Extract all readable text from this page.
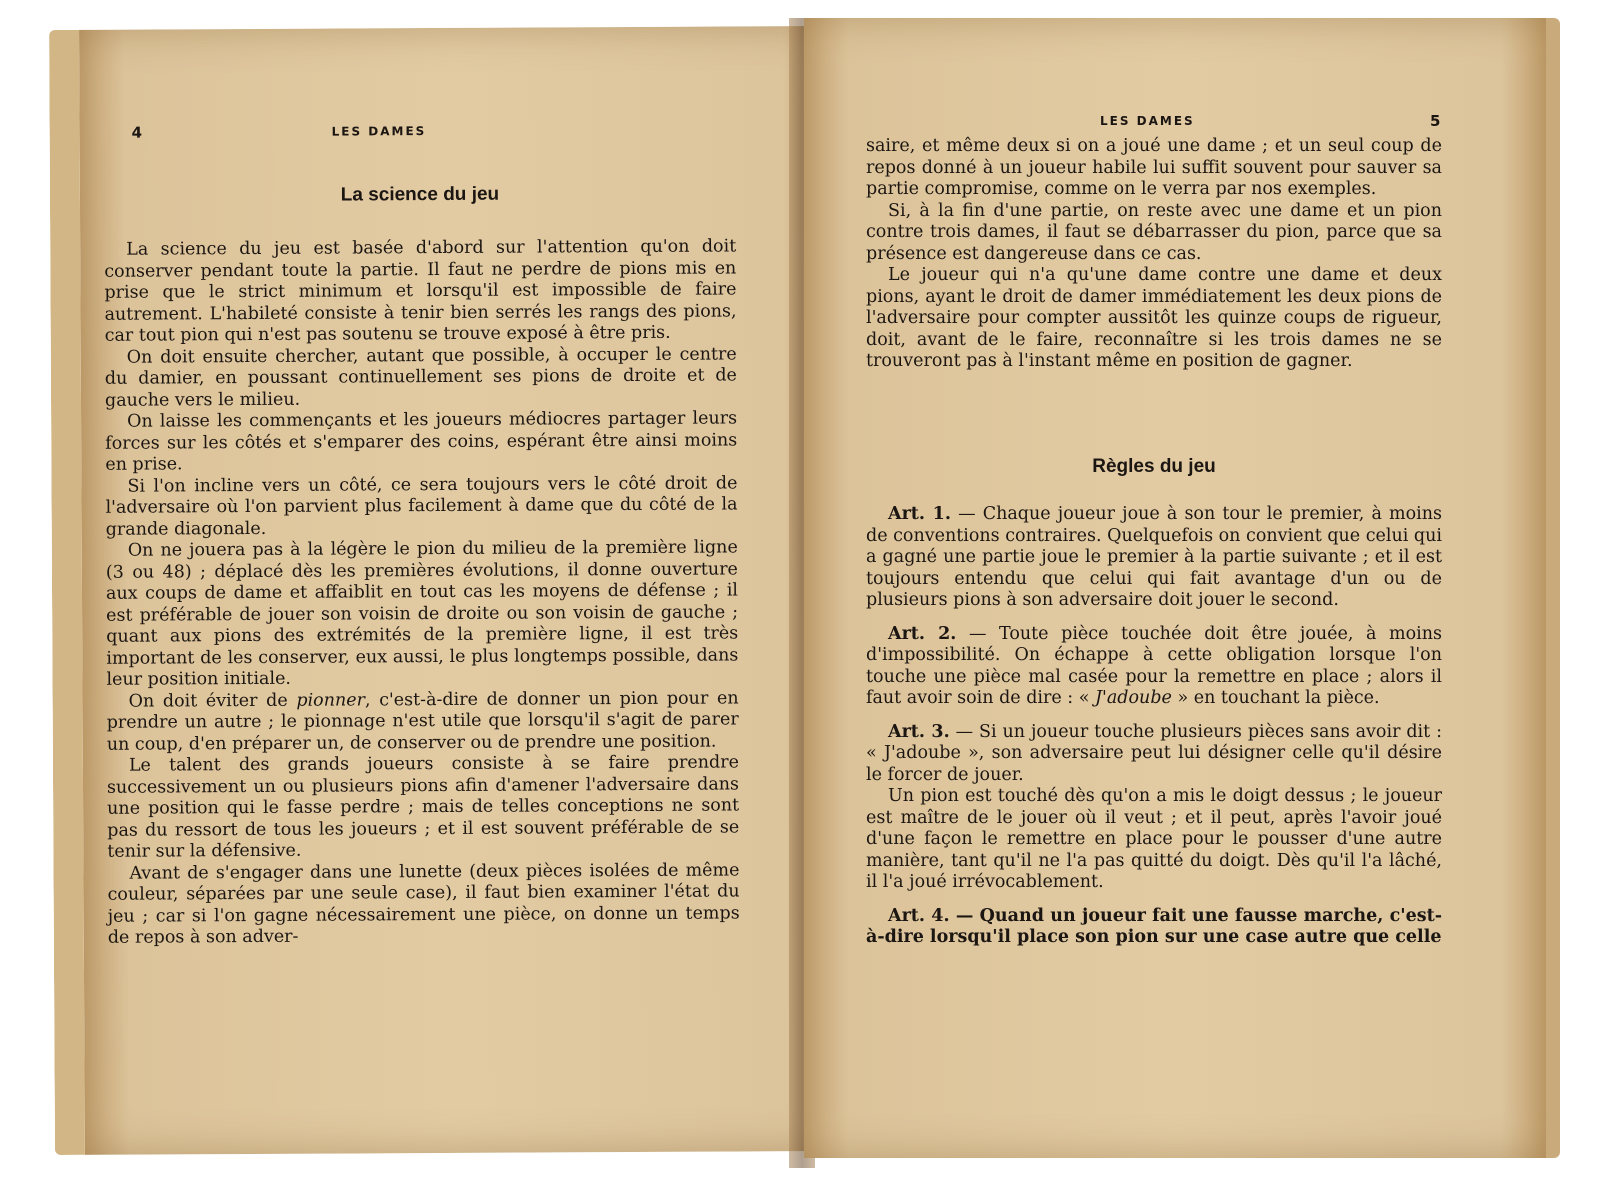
4	LES DAMES
La science du jeu

La science du jeu est basée d'abord sur l'attention qu'on doit conserver pendant toute la partie. Il faut ne perdre de pions mis en prise que le strict minimum et lorsqu'il est impossible de faire autrement. L'habileté consiste à tenir bien serrés les rangs des pions, car tout pion qui n'est pas soutenu se trouve exposé à être pris.

On doit ensuite chercher, autant que possible, à occuper le centre du damier, en poussant continuellement ses pions de droite et de gauche vers le milieu.

On laisse les commençants et les joueurs médiocres partager leurs forces sur les côtés et s'emparer des coins, espérant être ainsi moins en prise.

Si l'on incline vers un côté, ce sera toujours vers le côté droit de l'adversaire où l'on parvient plus facilement à dame que du côté de la grande diagonale.

On ne jouera pas à la légère le pion du milieu de la première ligne (3 ou 48) ; déplacé dès les premières évolutions, il donne ouverture aux coups de dame et affaiblit en tout cas les moyens de défense ; il est préférable de jouer son voisin de droite ou son voisin de gauche ; quant aux pions des extrémités de la première ligne, il est très important de les conserver, eux aussi, le plus longtemps possible, dans leur position initiale.

On doit éviter de pionner, c'est-à-dire de donner un pion pour en prendre un autre ; le pionnage n'est utile que lorsqu'il s'agit de parer un coup, d'en préparer un, de conserver ou de prendre une position.

Le talent des grands joueurs consiste à se faire prendre successivement un ou plusieurs pions afin d'amener l'adversaire dans une position qui le fasse perdre ; mais de telles conceptions ne sont pas du ressort de tous les joueurs ; et il est souvent préférable de se tenir sur la défensive.

Avant de s'engager dans une lunette (deux pièces isolées de même couleur, séparées par une seule case), il faut bien examiner l'état du jeu ; car si l'on gagne nécessairement une pièce, on donne un temps de repos à son adver-

LES DAMES	5

saire, et même deux si on a joué une dame ; et un seul coup de repos donné à un joueur habile lui suffit souvent pour sauver sa partie compromise, comme on le verra par nos exemples.

Si, à la fin d'une partie, on reste avec une dame et un pion contre trois dames, il faut se débarrasser du pion, parce que sa présence est dangereuse dans ce cas.

Le joueur qui n'a qu'une dame contre une dame et deux pions, ayant le droit de damer immédiatement les deux pions de l'adversaire pour compter aussitôt les quinze coups de rigueur, doit, avant de le faire, reconnaître si les trois dames ne se trouveront pas à l'instant même en position de gagner.

Règles du jeu

Art. 1. — Chaque joueur joue à son tour le premier, à moins de conventions contraires. Quelquefois on convient que celui qui a gagné une partie joue le premier à la partie suivante ; et il est toujours entendu que celui qui fait avantage d'un ou de plusieurs pions à son adversaire doit jouer le second.

Art. 2. — Toute pièce touchée doit être jouée, à moins d'impossibilité. On échappe à cette obligation lorsque l'on touche une pièce mal casée pour la remettre en place ; alors il faut avoir soin de dire : « J'adoube » en touchant la pièce.

Art. 3. — Si un joueur touche plusieurs pièces sans avoir dit : « J'adoube », son adversaire peut lui désigner celle qu'il désire le forcer de jouer.

Un pion est touché dès qu'on a mis le doigt dessus ; le joueur est maître de le jouer où il veut ; et il peut, après l'avoir joué d'une façon le remettre en place pour le pousser d'une autre manière, tant qu'il ne l'a pas quitté du doigt. Dès qu'il l'a lâché, il l'a joué irrévocablement.

Art. 4. — Quand un joueur fait une fausse marche, c'est-à-dire lorsqu'il place son pion sur une case autre que celle
